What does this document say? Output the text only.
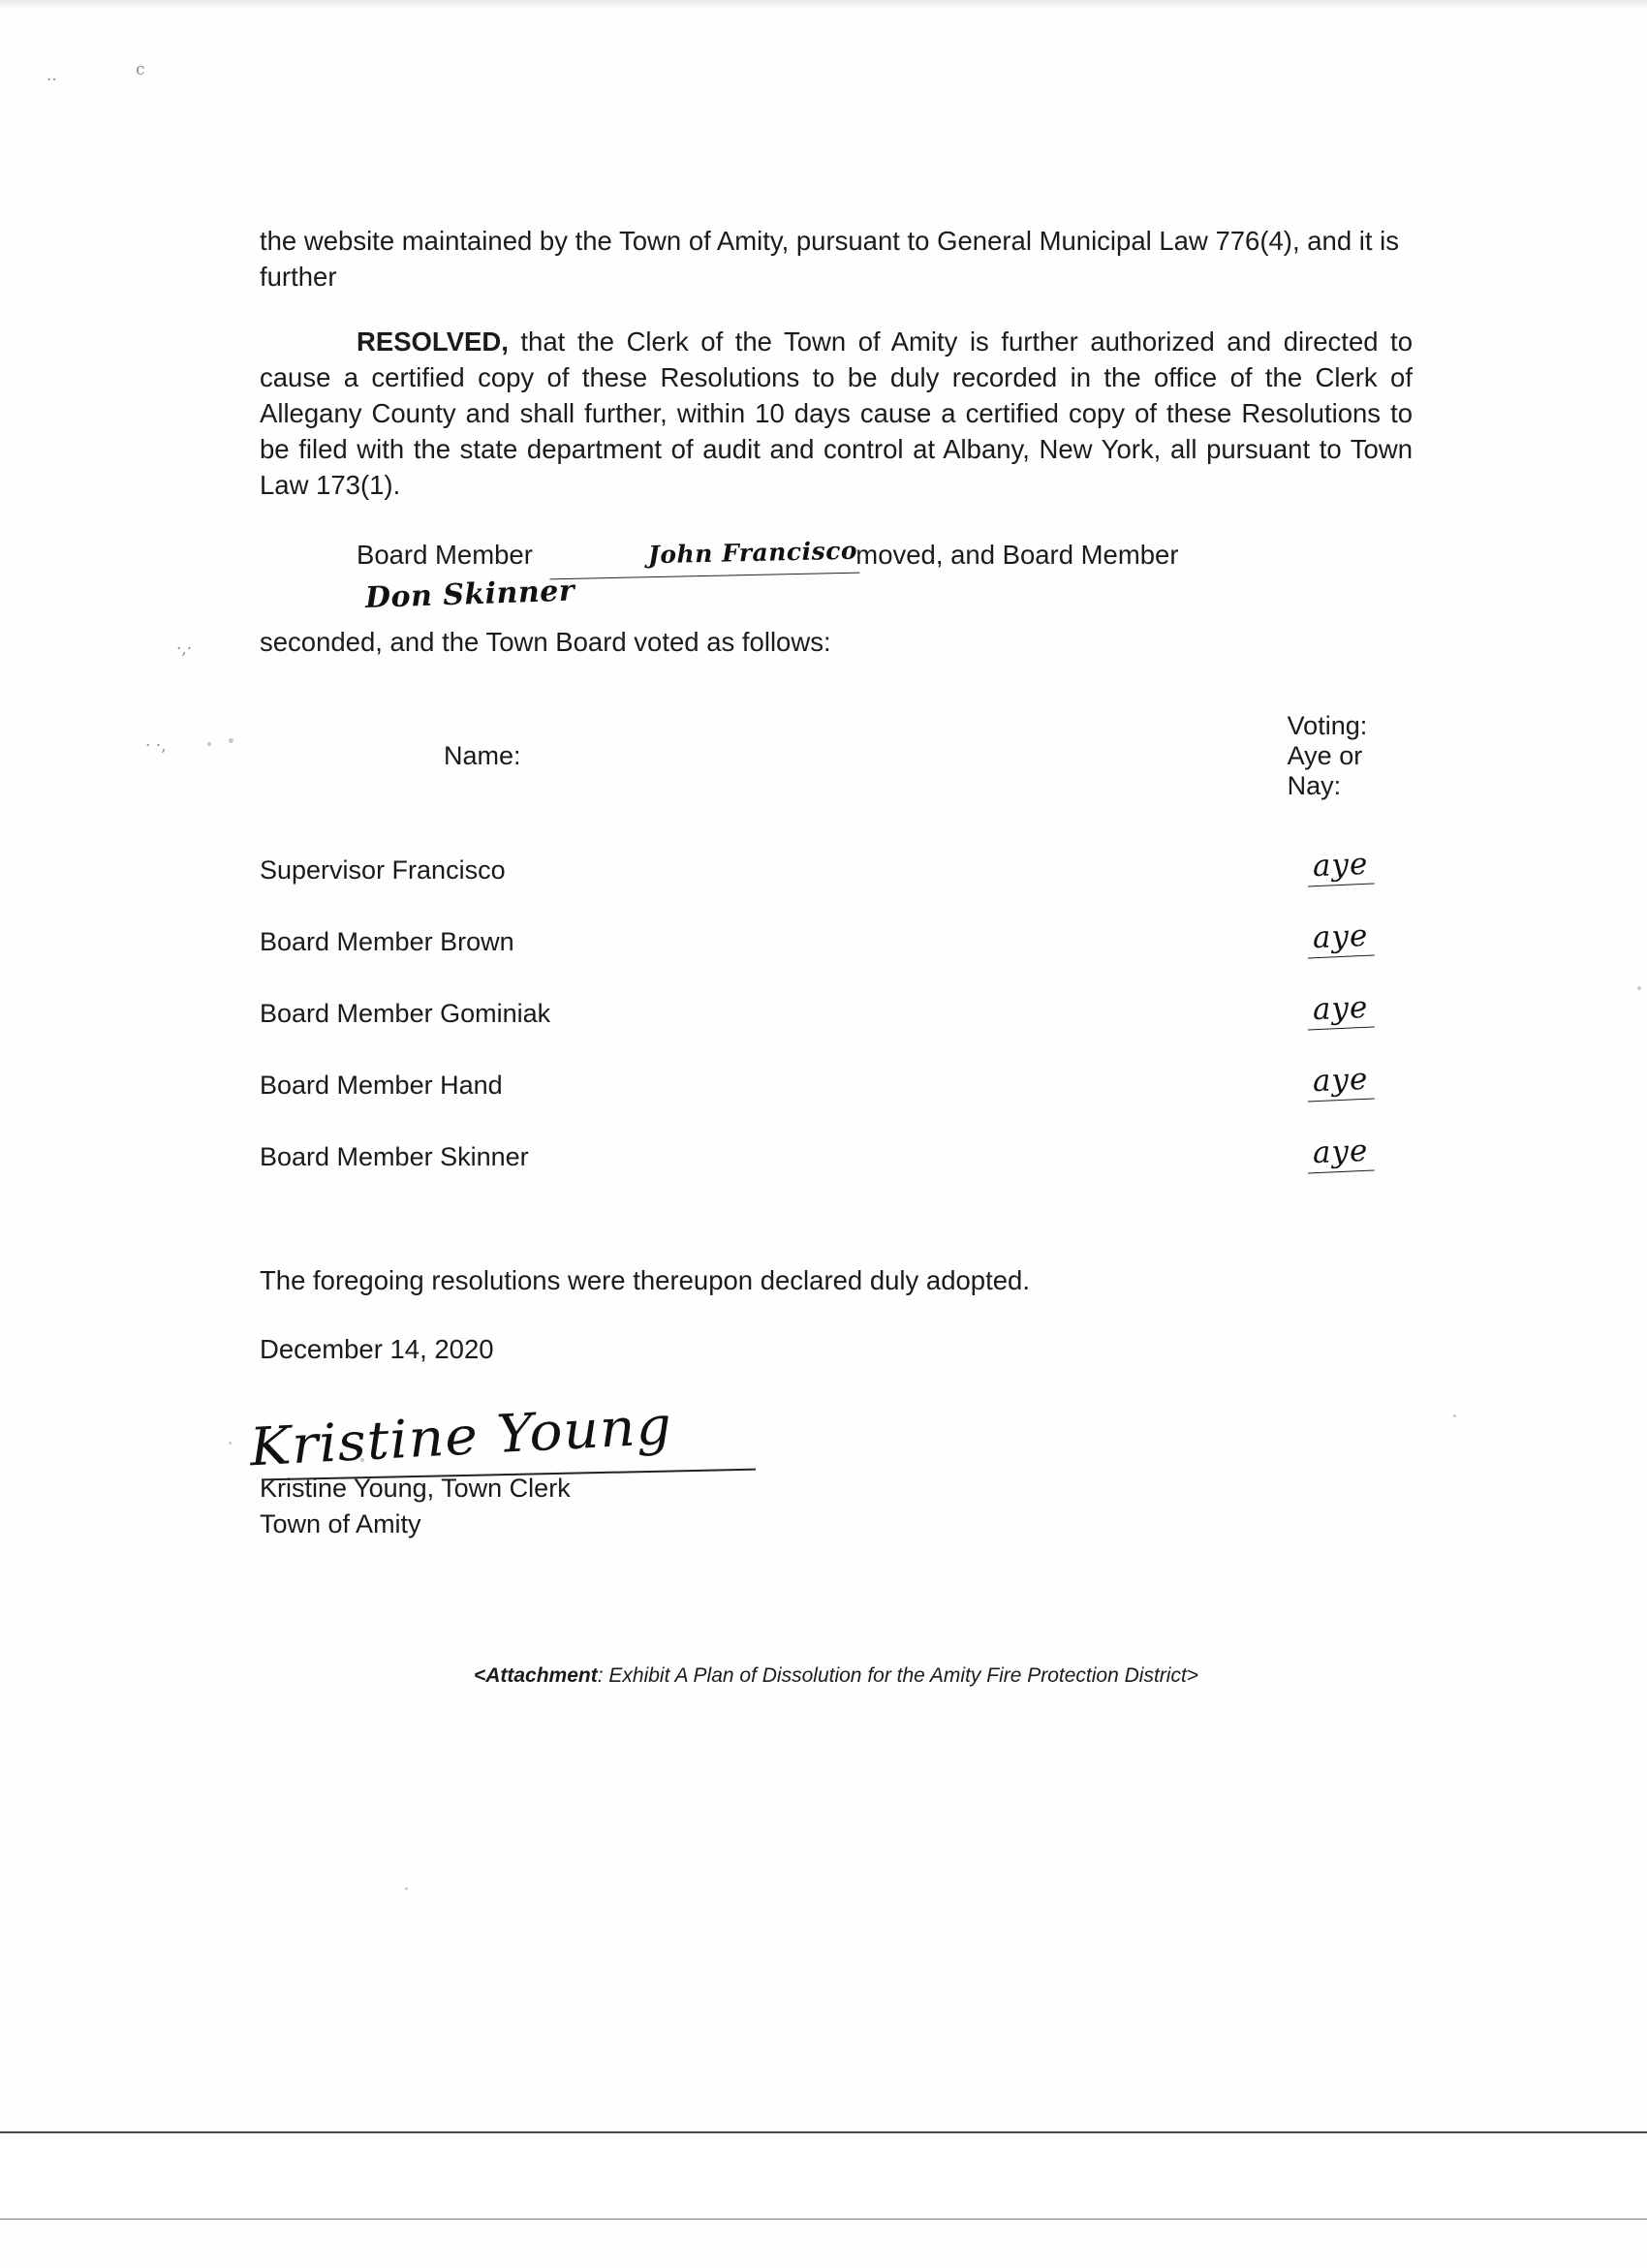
..	c
·,·
· ·,

the website maintained by the Town of Amity, pursuant to General Municipal Law 776(4), and it is further

RESOLVED, that the Clerk of the Town of Amity is further authorized and directed to cause a certified copy of these Resolutions to be duly recorded in the office of the Clerk of Allegany County and shall further, within 10 days cause a certified copy of these Resolutions to be filed with the state department of audit and control at Albany, New York, all pursuant to Town Law 173(1).

Board Member	John Franciscomoved, and Board MemberDon Skinner
seconded, and the Town Board voted as follows:

Name:	Voting: Aye or Nay:
Supervisor Francisco	aye
Board Member Brown	aye
Board Member Gominiak	aye
Board Member Hand	aye
Board Member Skinner	aye

The foregoing resolutions were thereupon declared duly adopted.

December 14, 2020

Kristine Young
Kristine Young, Town Clerk
Town of Amity
<Attachment: Exhibit A Plan of Dissolution for the Amity Fire Protection District>
